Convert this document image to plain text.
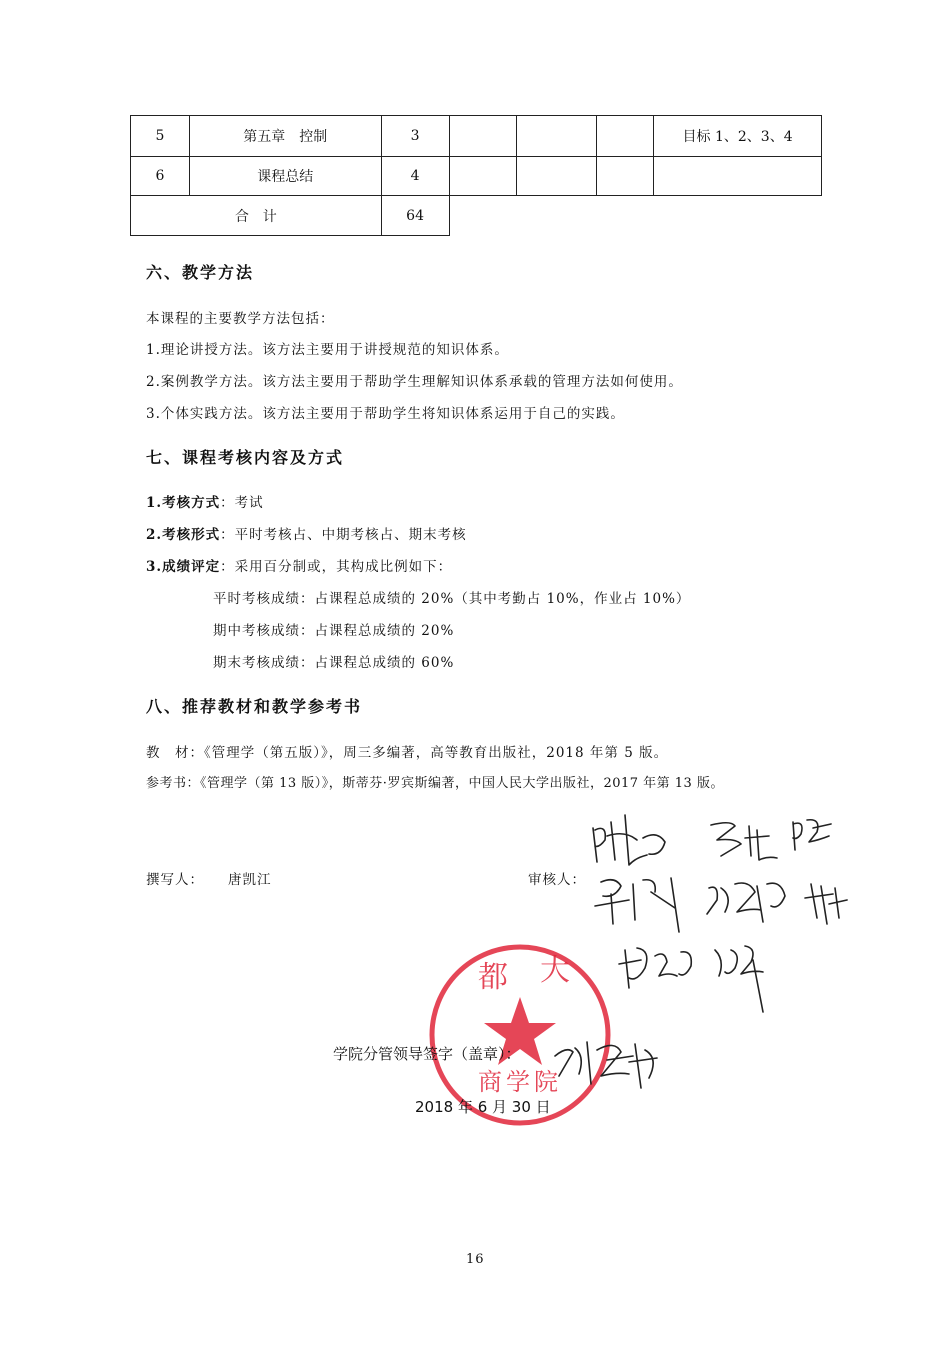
5	第五章　控制	3				目标 1、2、3、4
6	课程总结	4				
合　计		64				
六、教学方法
本课程的主要教学方法包括：
1.理论讲授方法。该方法主要用于讲授规范的知识体系。
2.案例教学方法。该方法主要用于帮助学生理解知识体系承载的管理方法如何使用。
3.个体实践方法。该方法主要用于帮助学生将知识体系运用于自己的实践。
七、课程考核内容及方式
1.考核方式：考试
2.考核形式：平时考核占、中期考核占、期末考核
3.成绩评定：采用百分制或，其构成比例如下：
平时考核成绩：占课程总成绩的 20%（其中考勤占 10%，作业占 10%）
期中考核成绩：占课程总成绩的 20%
期末考核成绩：占课程总成绩的 60%
八、推荐教材和教学参考书
教　材：《管理学（第五版）》，周三多编著，高等教育出版社，2018 年第 5 版。
参考书：《管理学（第 13 版）》，斯蒂芬·罗宾斯编著，中国人民大学出版社，2017 年第 13 版。
撰写人： 唐凯江	审核人：
都 大
商学院
学院分管领导签字（盖章）：
2018 年 6 月 30 日
16
